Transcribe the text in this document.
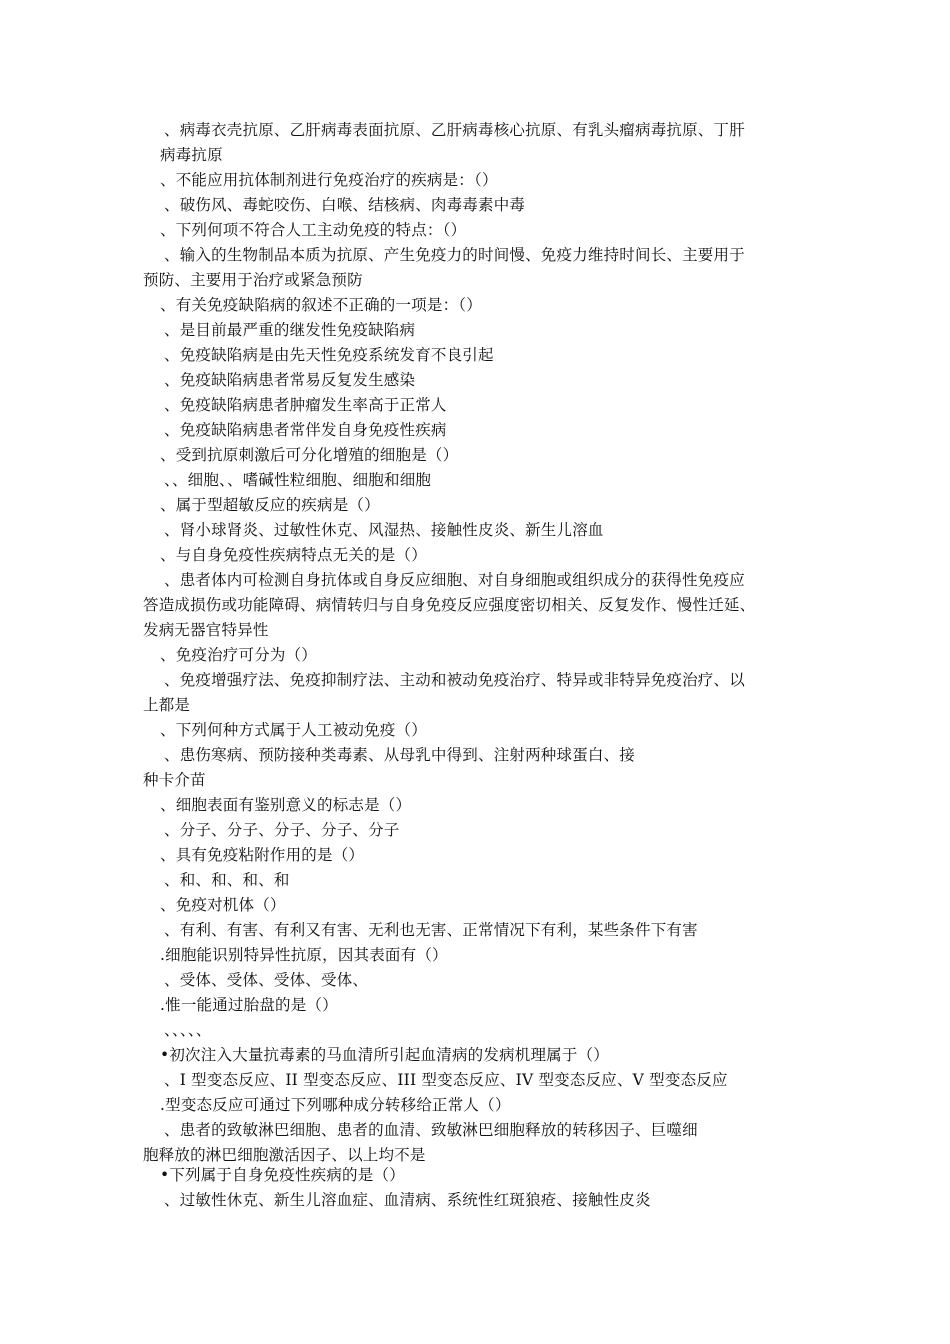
、病毒衣壳抗原、乙肝病毒表面抗原、乙肝病毒核心抗原、有乳头瘤病毒抗原、丁肝
病毒抗原
、不能应用抗体制剂进行免疫治疗的疾病是：（）
、破伤风、毒蛇咬伤、白喉、结核病、肉毒毒素中毒
、下列何项不符合人工主动免疫的特点：（）
、输入的生物制品本质为抗原、产生免疫力的时间慢、免疫力维持时间长、主要用于
预防、主要用于治疗或紧急预防
、有关免疫缺陷病的叙述不正确的一项是：（）
、是目前最严重的继发性免疫缺陷病
、免疫缺陷病是由先天性免疫系统发育不良引起
、免疫缺陷病患者常易反复发生感染
、免疫缺陷病患者肿瘤发生率高于正常人
、免疫缺陷病患者常伴发自身免疫性疾病
、受到抗原刺激后可分化增殖的细胞是（）
、、细胞、、嗜碱性粒细胞、细胞和细胞
、属于型超敏反应的疾病是（）
、肾小球肾炎、过敏性休克、风湿热、接触性皮炎、新生儿溶血
、与自身免疫性疾病特点无关的是（）
、患者体内可检测自身抗体或自身反应细胞、对自身细胞或组织成分的获得性免疫应
答造成损伤或功能障碍、病情转归与自身免疫反应强度密切相关、反复发作、慢性迁延、
发病无器官特异性
、免疫治疗可分为（）
、免疫增强疗法、免疫抑制疗法、主动和被动免疫治疗、特异或非特异免疫治疗、以
上都是
、下列何种方式属于人工被动免疫（）
、患伤寒病、预防接种类毒素、从母乳中得到、注射两种球蛋白、接
种卡介苗
、细胞表面有鉴别意义的标志是（）
、分子、分子、分子、分子、分子
、具有免疫粘附作用的是（）
、和、和、和、和
、免疫对机体（）
、有利、有害、有利又有害、无利也无害、正常情况下有利，某些条件下有害
.细胞能识别特异性抗原，因其表面有（）
、受体、受体、受体、受体、
.惟一能通过胎盘的是（）
、、、、、
•初次注入大量抗毒素的马血清所引起血清病的发病机理属于（）
、I 型变态反应、II 型变态反应、III 型变态反应、IV 型变态反应、V 型变态反应
.型变态反应可通过下列哪种成分转移给正常人（）
、患者的致敏淋巴细胞、患者的血清、致敏淋巴细胞释放的转移因子、巨噬细
胞释放的淋巴细胞激活因子、以上均不是
•下列属于自身免疫性疾病的是（）
、过敏性休克、新生儿溶血症、血清病、系统性红斑狼疮、接触性皮炎
